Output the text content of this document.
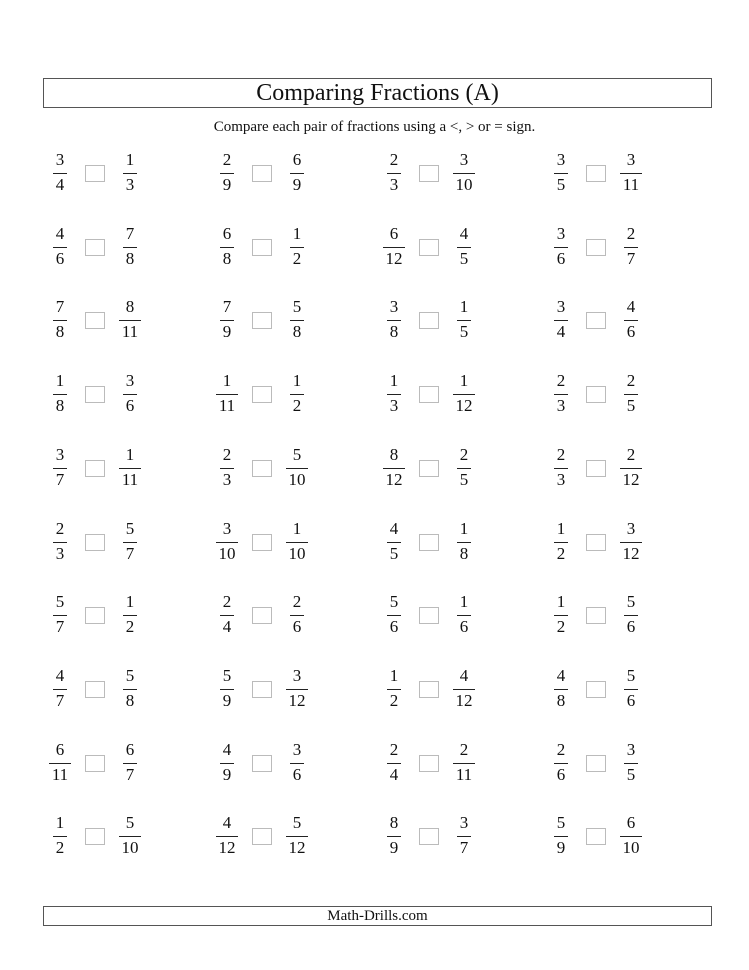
Comparing Fractions (A)
Compare each pair of fractions using a <, > or = sign.
3
4
1
3
2
9
6
9
2
3
3
10
3
5
3
11
4
6
7
8
6
8
1
2
6
12
4
5
3
6
2
7
7
8
8
11
7
9
5
8
3
8
1
5
3
4
4
6
1
8
3
6
1
11
1
2
1
3
1
12
2
3
2
5
3
7
1
11
2
3
5
10
8
12
2
5
2
3
2
12
2
3
5
7
3
10
1
10
4
5
1
8
1
2
3
12
5
7
1
2
2
4
2
6
5
6
1
6
1
2
5
6
4
7
5
8
5
9
3
12
1
2
4
12
4
8
5
6
6
11
6
7
4
9
3
6
2
4
2
11
2
6
3
5
1
2
5
10
4
12
5
12
8
9
3
7
5
9
6
10
Math-Drills.com
